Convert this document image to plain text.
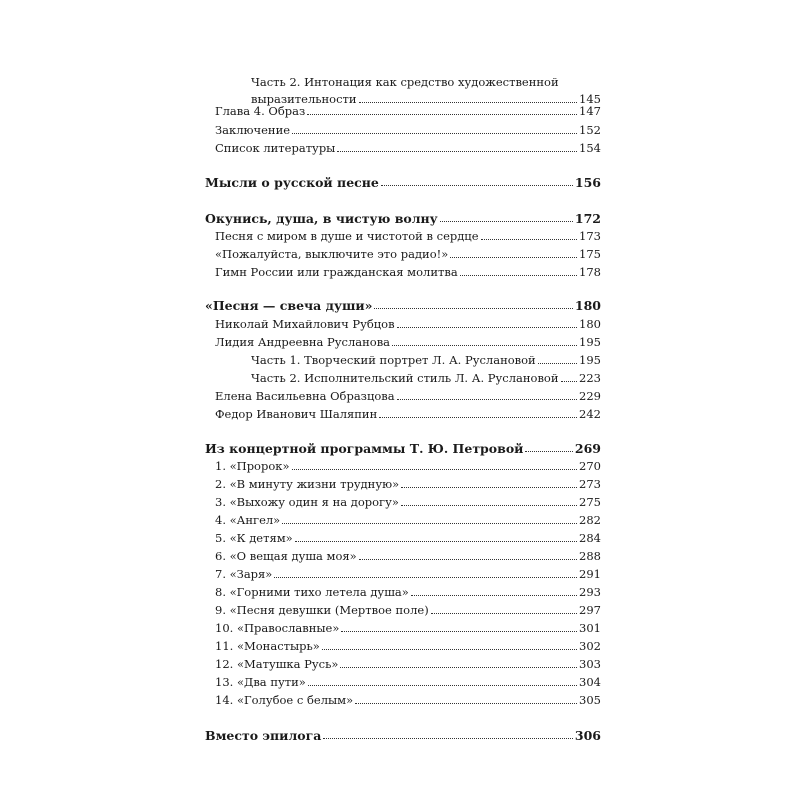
Часть 2. Интонация как средство художественной
выразительности	145
Глава 4. Образ	147
Заключение	152
Список литературы	154
Мысли о русской песне	156
Окунись, душа, в чистую волну	172
Песня с миром в душе и чистотой в сердце	173
«Пожалуйста, выключите это радио!»	175
Гимн России или гражданская молитва	178
«Песня — свеча души»	180
Николай Михайлович Рубцов	180
Лидия Андреевна Русланова	195
Часть 1. Творческий портрет Л. А. Руслановой	195
Часть 2. Исполнительский стиль Л. А. Руслановой 223
Елена Васильевна Образцова	229
Федор Иванович Шаляпин	242
Из концертной программы Т. Ю. Петровой	269
1. «Пророк»	270
2. «В минуту жизни трудную»	273
3. «Выхожу один я на дорогу»	275
4. «Ангел»	282
5. «К детям»	284
6. «О вещая душа моя»	288
7. «Заря»	291
8. «Горними тихо летела душа»	293
9. «Песня девушки (Мертвое поле)	297
10. «Православные»	301
11. «Монастырь»	302
12. «Матушка Русь»	303
13. «Два пути»	304
14. «Голубое с белым»	305
Вместо эпилога	306
